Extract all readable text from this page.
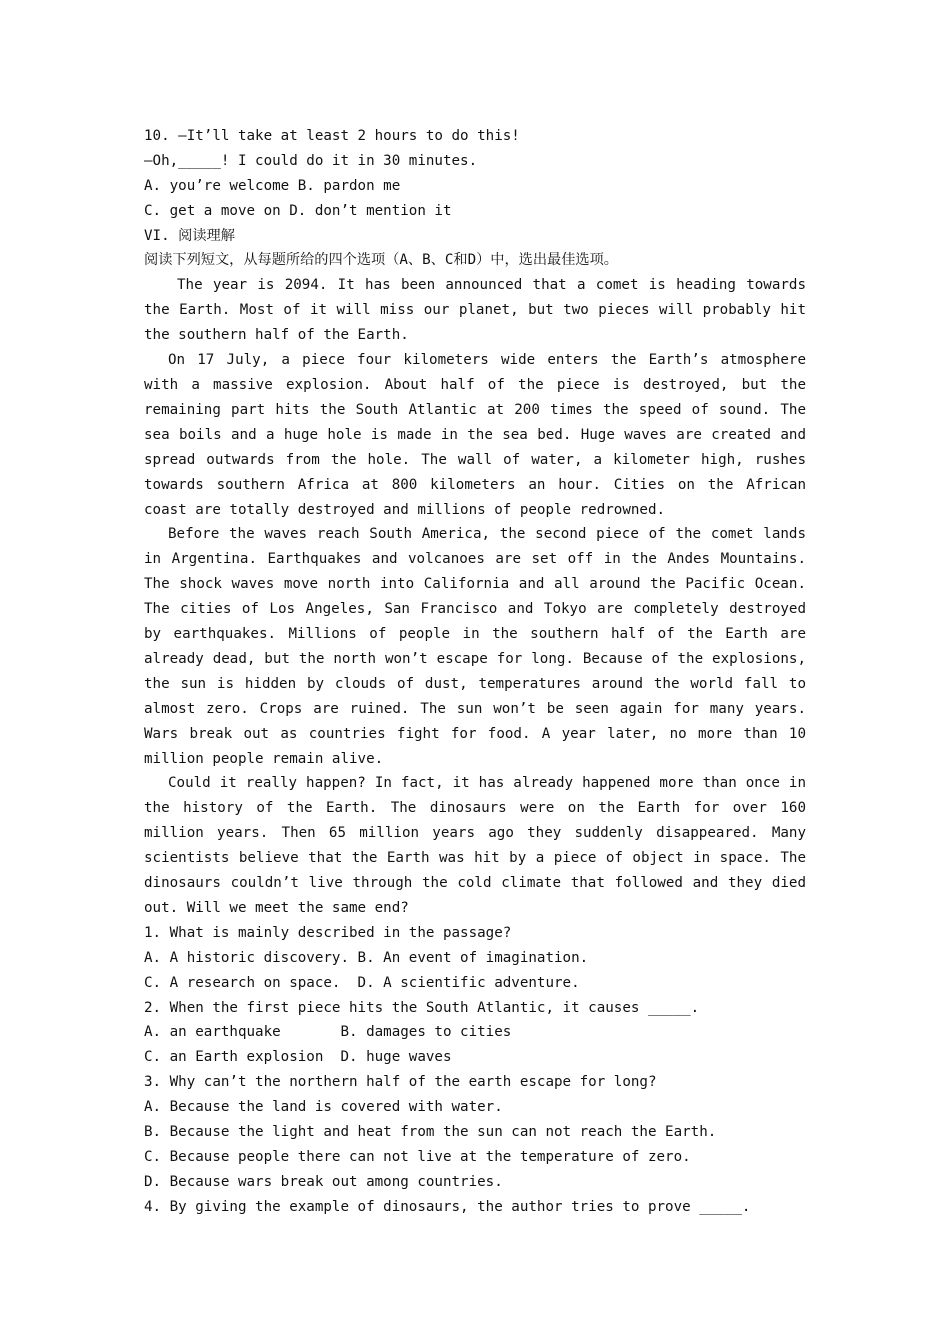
10. —It’ll take at least 2 hours to do this!
—Oh,_____! I could do it in 30 minutes.
A. you’re welcome B. pardon me
C. get a move on D. don’t mention it
VI. 阅读理解
阅读下列短文，从每题所给的四个选项（A、B、C和D）中，选出最佳选项。
The year is 2094. It has been announced that a comet is heading towards the Earth. Most of it will miss our planet, but two pieces will probably hit the southern half of the Earth.
On 17 July, a piece four kilometers wide enters the Earth’s atmosphere with a massive explosion. About half of the piece is destroyed, but the remaining part hits the South Atlantic at 200 times the speed of sound. The sea boils and a huge hole is made in the sea bed. Huge waves are created and spread outwards from the hole. The wall of water, a kilometer high, rushes towards southern Africa at 800 kilometers an hour. Cities on the African coast are totally destroyed and millions of people redrowned.
Before the waves reach South America, the second piece of the comet lands in Argentina. Earthquakes and volcanoes are set off in the Andes Mountains. The shock waves move north into California and all around the Pacific Ocean. The cities of Los Angeles, San Francisco and Tokyo are completely destroyed by earthquakes. Millions of people in the southern half of the Earth are already dead, but the north won’t escape for long. Because of the explosions, the sun is hidden by clouds of dust, temperatures around the world fall to almost zero. Crops are ruined. The sun won’t be seen again for many years. Wars break out as countries fight for food. A year later, no more than 10 million people remain alive.
Could it really happen? In fact, it has already happened more than once in the history of the Earth. The dinosaurs were on the Earth for over 160 million years. Then 65 million years ago they suddenly disappeared. Many scientists believe that the Earth was hit by a piece of object in space. The dinosaurs couldn’t live through the cold climate that followed and they died out. Will we meet the same end?
1. What is mainly described in the passage?
A. A historic discovery. B. An event of imagination.
C. A research on space.  D. A scientific adventure.
2. When the first piece hits the South Atlantic, it causes _____.
A. an earthquake       B. damages to cities
C. an Earth explosion  D. huge waves
3. Why can’t the northern half of the earth escape for long?
A. Because the land is covered with water.
B. Because the light and heat from the sun can not reach the Earth.
C. Because people there can not live at the temperature of zero.
D. Because wars break out among countries.
4. By giving the example of dinosaurs, the author tries to prove _____.
